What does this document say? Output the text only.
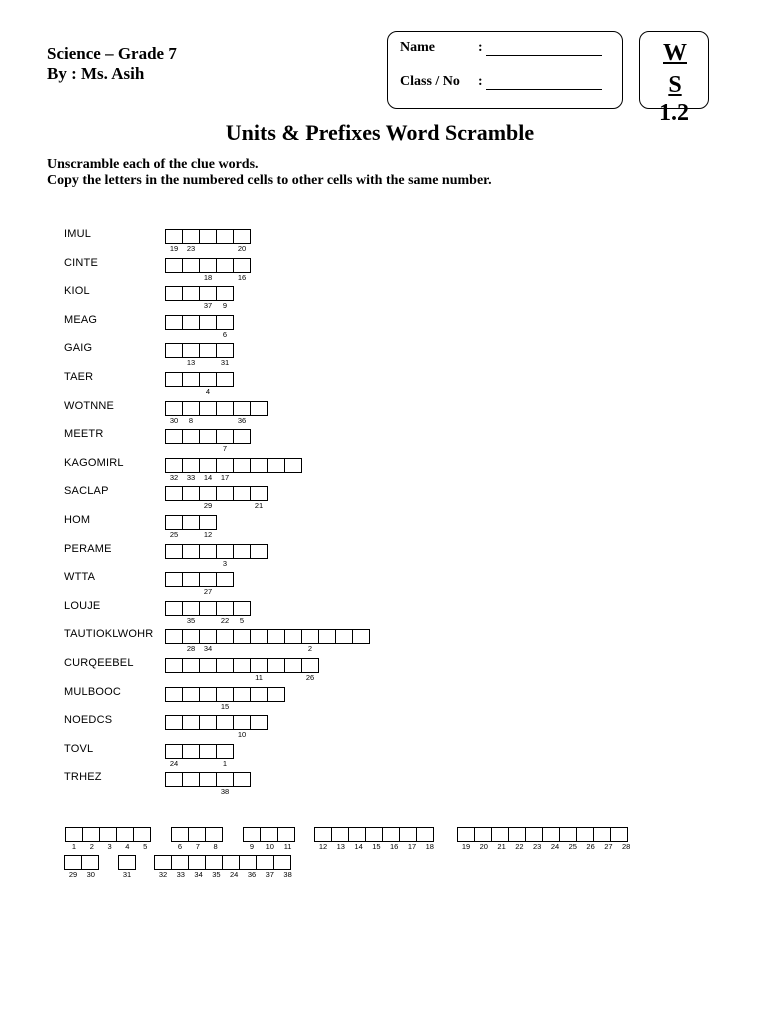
Science – Grade 7
By : Ms. Asih
Name	:
Class / No	:
W
S
1.2
Units & Prefixes Word Scramble
Unscramble each of the clue words.
Copy the letters in the numbered cells to other cells with the same number.
IMUL
19	23	20
CINTE
18	16
KIOL
37	9
MEAG
6
GAIG
13	31
TAER
4
WOTNNE
30	8	36
MEETR
7
KAGOMIRL
32	33	14	17
SACLAP
29	21
HOM
25	12
PERAME
3
WTTA
27
LOUJE
35	22	5
TAUTIOKLWOHR
28	34	2
CURQEEBEL
11	26
MULBOOC
15
NOEDCS
10
TOVL
24	1
TRHEZ
38
1	2	3	4	5	6	7	8	9	10	11	12	13	14	15	16	17	18	19	20	21	22	23	24	25	26	27	28
29	30	31	32	33	34	35	24	36	37	38
